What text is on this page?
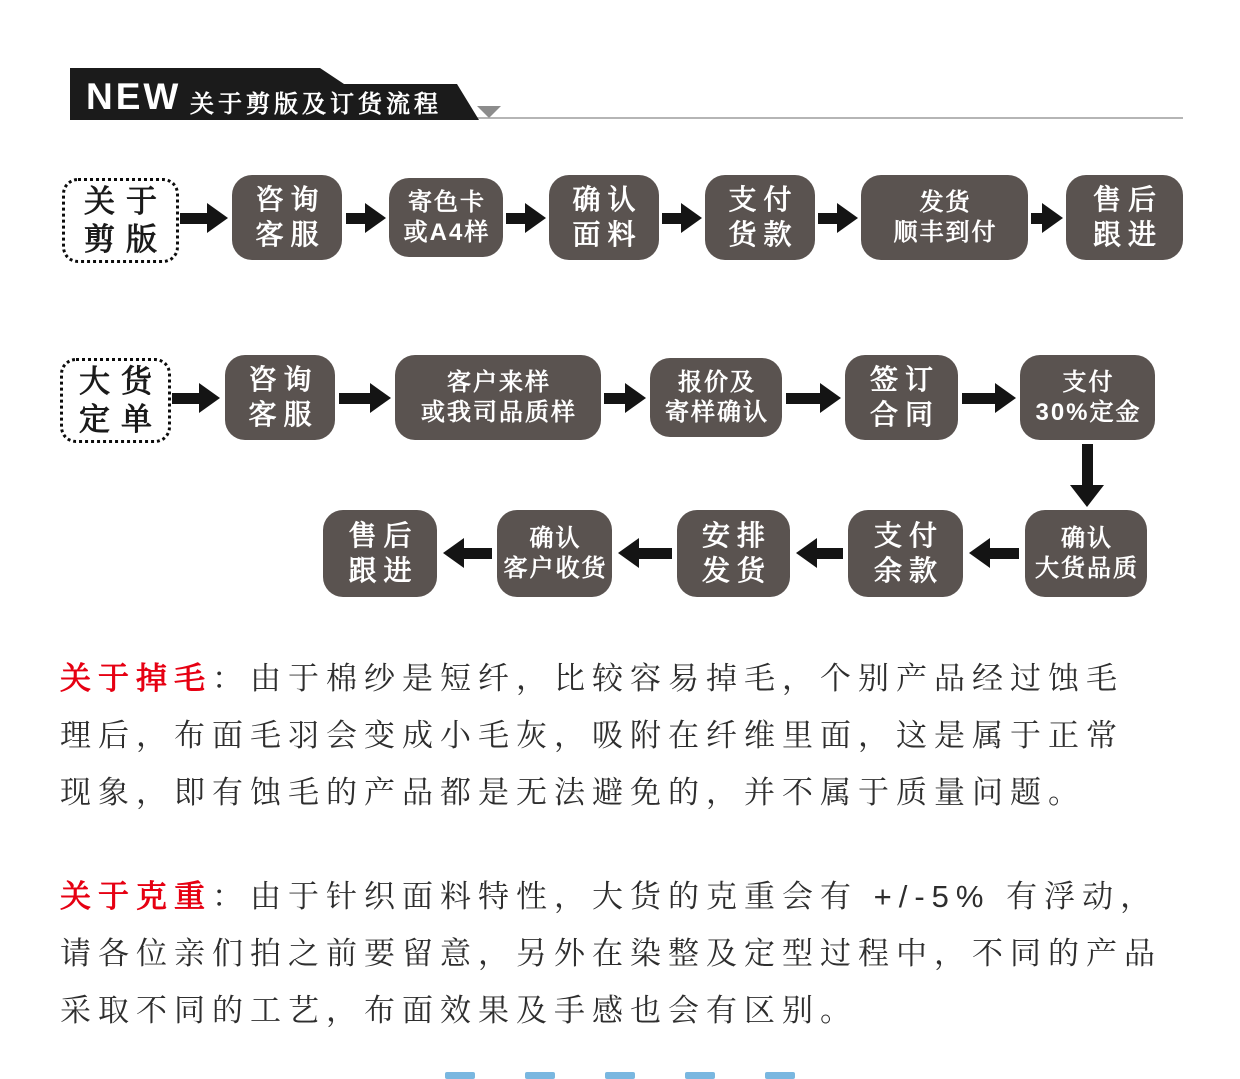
NEW 关于剪版及订货流程
关于
剪版
咨询
客服
寄色卡
或A4样
确认
面料
支付
货款
发货
顺丰到付
售后
跟进
大货
定单
咨询
客服
客户来样
或我司品质样
报价及
寄样确认
签订
合同
支付
30%定金
售后
跟进
确认
客户收货
安排
发货
支付
余款
确认
大货品质

关于掉毛：由于棉纱是短纤，比较容易掉毛，个别产品经过蚀毛

理后，布面毛羽会变成小毛灰，吸附在纤维里面，这是属于正常

现象，即有蚀毛的产品都是无法避免的，并不属于质量问题。

关于克重：由于针织面料特性，大货的克重会有 +/-5% 有浮动，

请各位亲们拍之前要留意，另外在染整及定型过程中，不同的产品

采取不同的工艺，布面效果及手感也会有区别。
